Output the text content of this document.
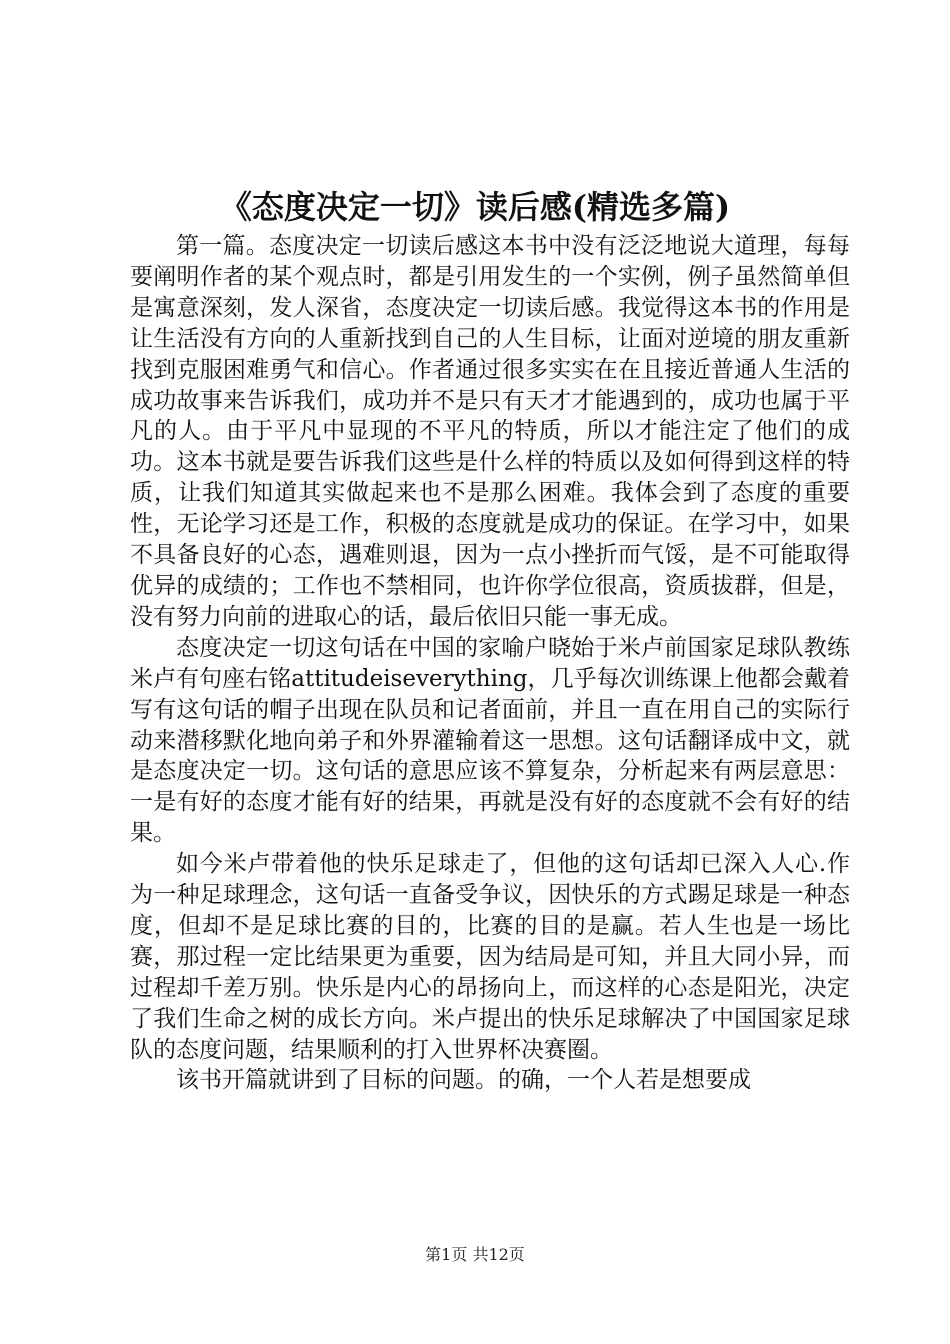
《态度决定一切》读后感(精选多篇)

第一篇。态度决定一切读后感这本书中没有泛泛地说大道理，每每要阐明作者的某个观点时，都是引用发生的一个实例，例子虽然简单但是寓意深刻，发人深省，态度决定一切读后感。我觉得这本书的作用是让生活没有方向的人重新找到自己的人生目标，让面对逆境的朋友重新找到克服困难勇气和信心。作者通过很多实实在在且接近普通人生活的成功故事来告诉我们，成功并不是只有天才才能遇到的，成功也属于平凡的人。由于平凡中显现的不平凡的特质，所以才能注定了他们的成功。这本书就是要告诉我们这些是什么样的特质以及如何得到这样的特质，让我们知道其实做起来也不是那么困难。我体会到了态度的重要性，无论学习还是工作，积极的态度就是成功的保证。在学习中，如果不具备良好的心态，遇难则退，因为一点小挫折而气馁，是不可能取得优异的成绩的；工作也不禁相同，也许你学位很高，资质拔群，但是，没有努力向前的进取心的话，最后依旧只能一事无成。

态度决定一切这句话在中国的家喻户晓始于米卢前国家足球队教练米卢有句座右铭attitudeiseverything，几乎每次训练课上他都会戴着写有这句话的帽子出现在队员和记者面前，并且一直在用自己的实际行动来潜移默化地向弟子和外界灌输着这一思想。这句话翻译成中文，就是态度决定一切。这句话的意思应该不算复杂，分析起来有两层意思：一是有好的态度才能有好的结果，再就是没有好的态度就不会有好的结果。

如今米卢带着他的快乐足球走了，但他的这句话却已深入人心.作为一种足球理念，这句话一直备受争议，因快乐的方式踢足球是一种态度，但却不是足球比赛的目的，比赛的目的是赢。若人生也是一场比赛，那过程一定比结果更为重要，因为结局是可知，并且大同小异，而过程却千差万别。快乐是内心的昂扬向上，而这样的心态是阳光，决定了我们生命之树的成长方向。米卢提出的快乐足球解决了中国国家足球队的态度问题，结果顺利的打入世界杯决赛圈。

该书开篇就讲到了目标的问题。的确，一个人若是想要成

第1页 共12页
